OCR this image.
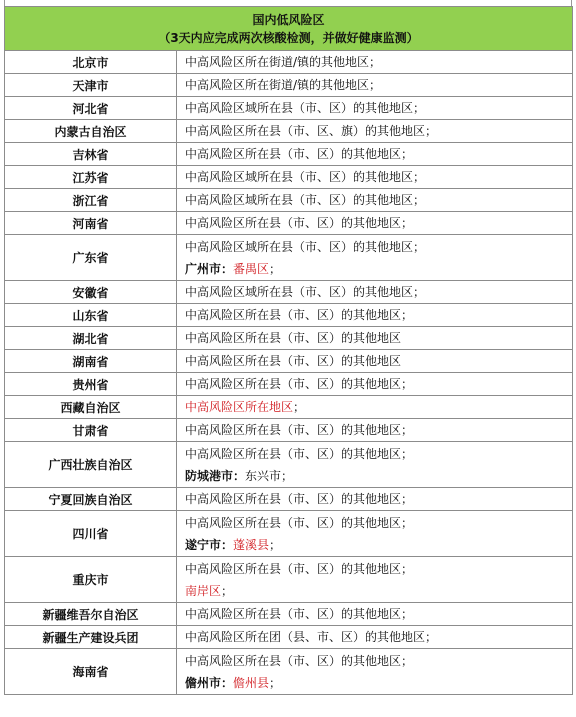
国内低风险区
（3天内应完成两次核酸检测，并做好健康监测）	

北京市	中高风险区所在街道/镇的其他地区；
天津市	中高风险区所在街道/镇的其他地区；
河北省	中高风险区域所在县（市、区）的其他地区；
内蒙古自治区	中高风险区所在县（市、区、旗）的其他地区；
吉林省	中高风险区所在县（市、区）的其他地区；
江苏省	中高风险区域所在县（市、区）的其他地区；
浙江省	中高风险区域所在县（市、区）的其他地区；
河南省	中高风险区所在县（市、区）的其他地区；
广东省	中高风险区域所在县（市、区）的其他地区；
广州市：番禺区；

安徽省	中高风险区域所在县（市、区）的其他地区；
山东省	中高风险区所在县（市、区）的其他地区；
湖北省	中高风险区所在县（市、区）的其他地区
湖南省	中高风险区所在县（市、区）的其他地区
贵州省	中高风险区所在县（市、区）的其他地区；
西藏自治区	中高风险区所在地区；
甘肃省	中高风险区所在县（市、区）的其他地区；
广西壮族自治区	中高风险区所在县（市、区）的其他地区；
防城港市：东兴市；

宁夏回族自治区	中高风险区所在县（市、区）的其他地区；
四川省	中高风险区所在县（市、区）的其他地区；
遂宁市：蓬溪县；

重庆市	中高风险区所在县（市、区）的其他地区；
南岸区；

新疆维吾尔自治区	中高风险区所在县（市、区）的其他地区；
新疆生产建设兵团	中高风险区所在团（县、市、区）的其他地区；
海南省	中高风险区所在县（市、区）的其他地区；
儋州市：儋州县；
